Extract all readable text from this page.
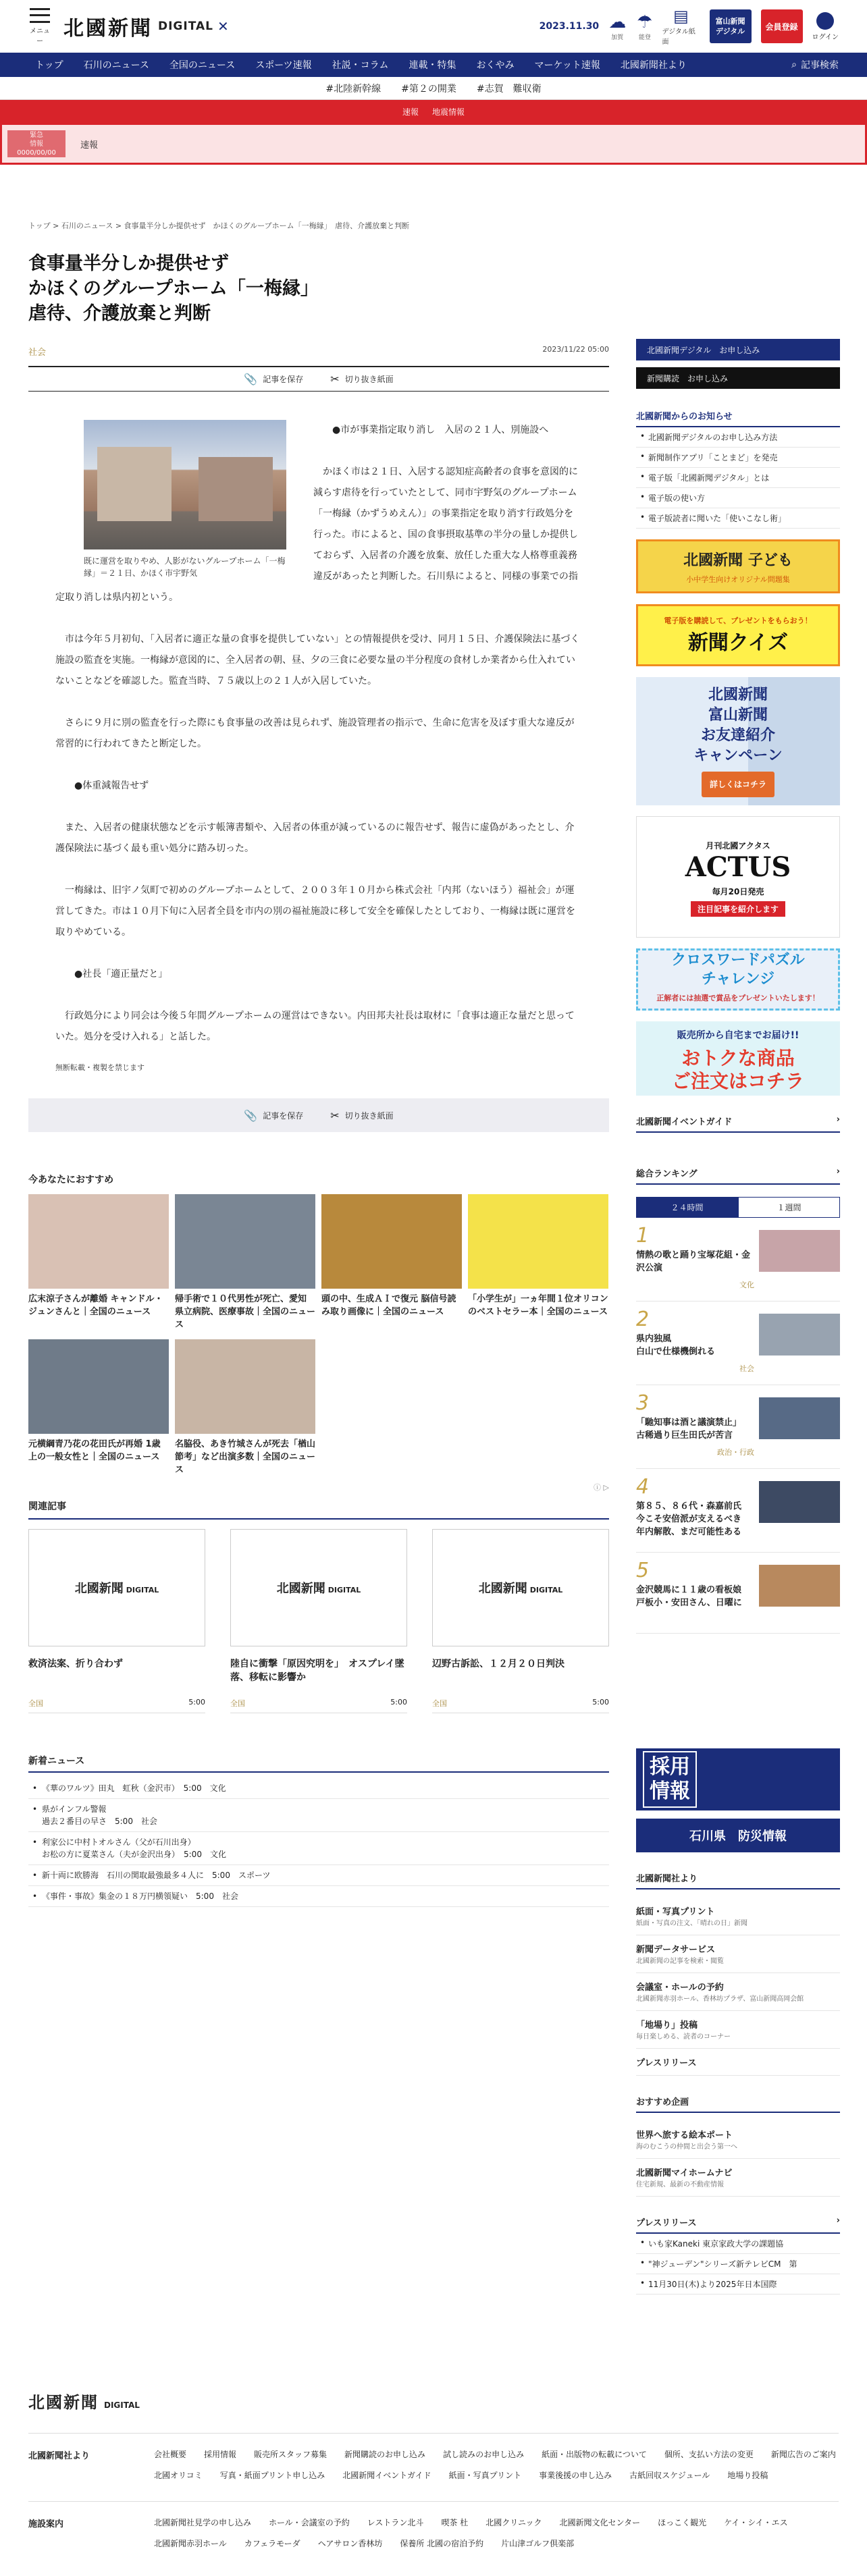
メニュー
北國新聞 DIGITAL ✕	2023.11.30 ☁
加賀
☂
能登
▤
デジタル紙面
富山新聞
デジタル	会員登録
ログイン
トップ	石川のニュース	全国のニュース	スポーツ速報	社説・コラム	連載・特集	おくやみ	マーケット速報	北國新聞社より	⌕ 記事検索
#北陸新幹線 #第２の開業 #志賀　難収衛
速報 地震情報
緊急
情報
0000/00/00
速報
トップ > 石川のニュース > 食事量半分しか提供せず　かほくのグループホーム「一梅縁」　虐待、介護放棄と判断
食事量半分しか提供せず
かほくのグループホーム「一梅縁」
虐待、介護放棄と判断
社会	2023/11/22 05:00
📎 記事を保存	✂ 切り抜き紙面
既に運営を取りやめ、人影がないグループホーム「一梅縁」＝２１日、かほく市宇野気

●市が事業指定取り消し　入居の２１人、別施設へ

かほく市は２１日、入居する認知症高齢者の食事を意図的に減らす虐待を行っていたとして、同市宇野気のグループホーム「一梅縁（かずうめえん）」の事業指定を取り消す行政処分を行った。市によると、国の食事摂取基準の半分の量しか提供しておらず、入居者の介護を放棄、放任した重大な人格尊重義務違反があったと判断した。石川県によると、同様の事業での指定取り消しは県内初という。

市は今年５月初旬、「入居者に適正な量の食事を提供していない」との情報提供を受け、同月１５日、介護保険法に基づく施設の監査を実施。一梅縁が意図的に、全入居者の朝、昼、夕の三食に必要な量の半分程度の食材しか業者から仕入れていないことなどを確認した。監査当時、７５歳以上の２１人が入居していた。

さらに９月に別の監査を行った際にも食事量の改善は見られず、施設管理者の指示で、生命に危害を及ぼす重大な違反が常習的に行われてきたと断定した。

●体重減報告せず

また、入居者の健康状態などを示す帳簿書類や、入居者の体重が減っているのに報告せず、報告に虚偽があったとし、介護保険法に基づく最も重い処分に踏み切った。

一梅縁は、旧宇ノ気町で初めのグループホームとして、２００３年１０月から株式会社「内邦（ないほう）福祉会」が運営してきた。市は１０月下旬に入居者全員を市内の別の福祉施設に移して安全を確保したとしており、一梅縁は既に運営を取りやめている。

●社長「適正量だと」

行政処分により同会は今後５年間グループホームの運営はできない。内田邦夫社長は取材に「食事は適正な量だと思っていた。処分を受け入れる」と話した。

無断転載・複製を禁じます
📎 記事を保存	✂ 切り抜き紙面
今あなたにおすすめ
広末涼子さんが離婚 キャンドル・ジュンさんと｜全国のニュース
帰手術で１０代男性が死亡、愛知 県立病院、医療事故｜全国のニュース
頭の中、生成ＡＩで復元 脳信号読み取り画像に｜全国のニュース
「小学生が」一ヵ年間１位オリコンのベストセラー本｜全国のニュース
元横綱青乃花の花田氏が再婚 1歳上の一般女性と｜全国のニュース
名脇役、あき竹城さんが死去「楢山節考」など出演多数｜全国のニュース
ⓘ ▷
関連記事
北國新聞 DIGITAL
救済法案、折り合わず
全国	5:00
北國新聞 DIGITAL
陸自に衝撃「原因究明を」　オスプレイ墜落、移転に影響か
全国	5:00
北國新聞 DIGITAL
辺野古訴訟、１２月２０日判決
全国	5:00
新着ニュース
• 《華のワルツ》田丸　虹秋（金沢市）　5:00　文化
• 県がインフル警報
過去２番目の早さ　5:00　社会
• 利家公に中村トオルさん（父が石川出身）
お松の方に夏菜さん（夫が金沢出身）　5:00　文化
• 新十両に欧勝海　石川の関取最強最多４人に　5:00　スポーツ
• 《事件・事故》集金の１８万円横領疑い　5:00　社会
北國新聞デジタル　お申し込み
新聞購読　お申し込み
北國新聞からのお知らせ
• 北國新聞デジタルのお申し込み方法
• 新聞制作アプリ「ことまど」を発売
• 電子版「北國新聞デジタル」とは
• 電子版の使い方
• 電子版読者に聞いた「使いこなし術」
北國新聞 子ども
小中学生向けオリジナル問題集
電子版を購読して、プレゼントをもらおう！
新聞クイズ
北國新聞
富山新聞
お友達紹介
キャンペーン
詳しくはコチラ
月刊北國アクタス
ACTUS
毎月20日発売
注目記事を紹介します
クロスワードパズル
チャレンジ
正解者には抽選で賞品をプレゼントいたします！
販売所から自宅までお届け!!
おトクな商品
ご注文はコチラ
北國新聞イベントガイド	›
総合ランキング	›
２４時間	１週間
1
情熱の歌と踊り宝塚花組・金沢公演
文化
2
県内独風
白山で仕様機倒れる
社会
3
「馳知事は酒と議演禁止」
古稀過り巨生田氏が苦言
政治・行政
4
第８５、８６代・森嘉前氏
今こそ安倍派が支えるべき
年内解散、まだ可能性ある
5
金沢競馬に１１歳の看板娘
戸板小・安田さん、日曜に
採用
情報
石川県　防災情報
北國新聞社より
紙面・写真プリント
紙面・写真の注文、「晴れの日」新聞
新聞データサービス
北國新聞の記事を検索・閲覧
会議室・ホールの予約
北國新聞赤羽ホール、香林坊プラザ、富山新聞高岡会館
「地場り」投稿
毎日楽しめる、読者のコーナー
プレスリリース
おすすめ企画
世界へ旅する絵本ポート
海のむこうの仲間と出会う第一へ
北國新聞マイホームナビ
住宅新規、最新の不動産情報
プレスリリース	›
• いも家Kaneki 東京家政大学の課題協
• "神ジューデン"シリーズ新テレビCM　第
• 11月30日(木)より2025年日本国際
北國新聞 DIGITAL
北國新聞社より	会社概要 採用情報 販売所スタッフ募集 新聞購読のお申し込み 試し読みのお申し込み 紙面・出版物の転載について 個所、支払い方法の変更 新聞広告のご案内
北國オリコミ 写真・紙面プリント申し込み 北國新聞イベントガイド 紙面・写真プリント 事業後援の申し込み 古紙回収スケジュール 地場り投稿
施設案内	北國新聞社見学の申し込み ホール・会議室の予約 レストラン北斗 喫茶 杜 北國クリニック 北國新聞文化センター ほっこく観光 ケイ・シイ・エス
北國新聞赤羽ホール カフェラモーダ ヘアサロン香林坊 保養所 北國の宿泊予約 片山津ゴルフ倶楽部
